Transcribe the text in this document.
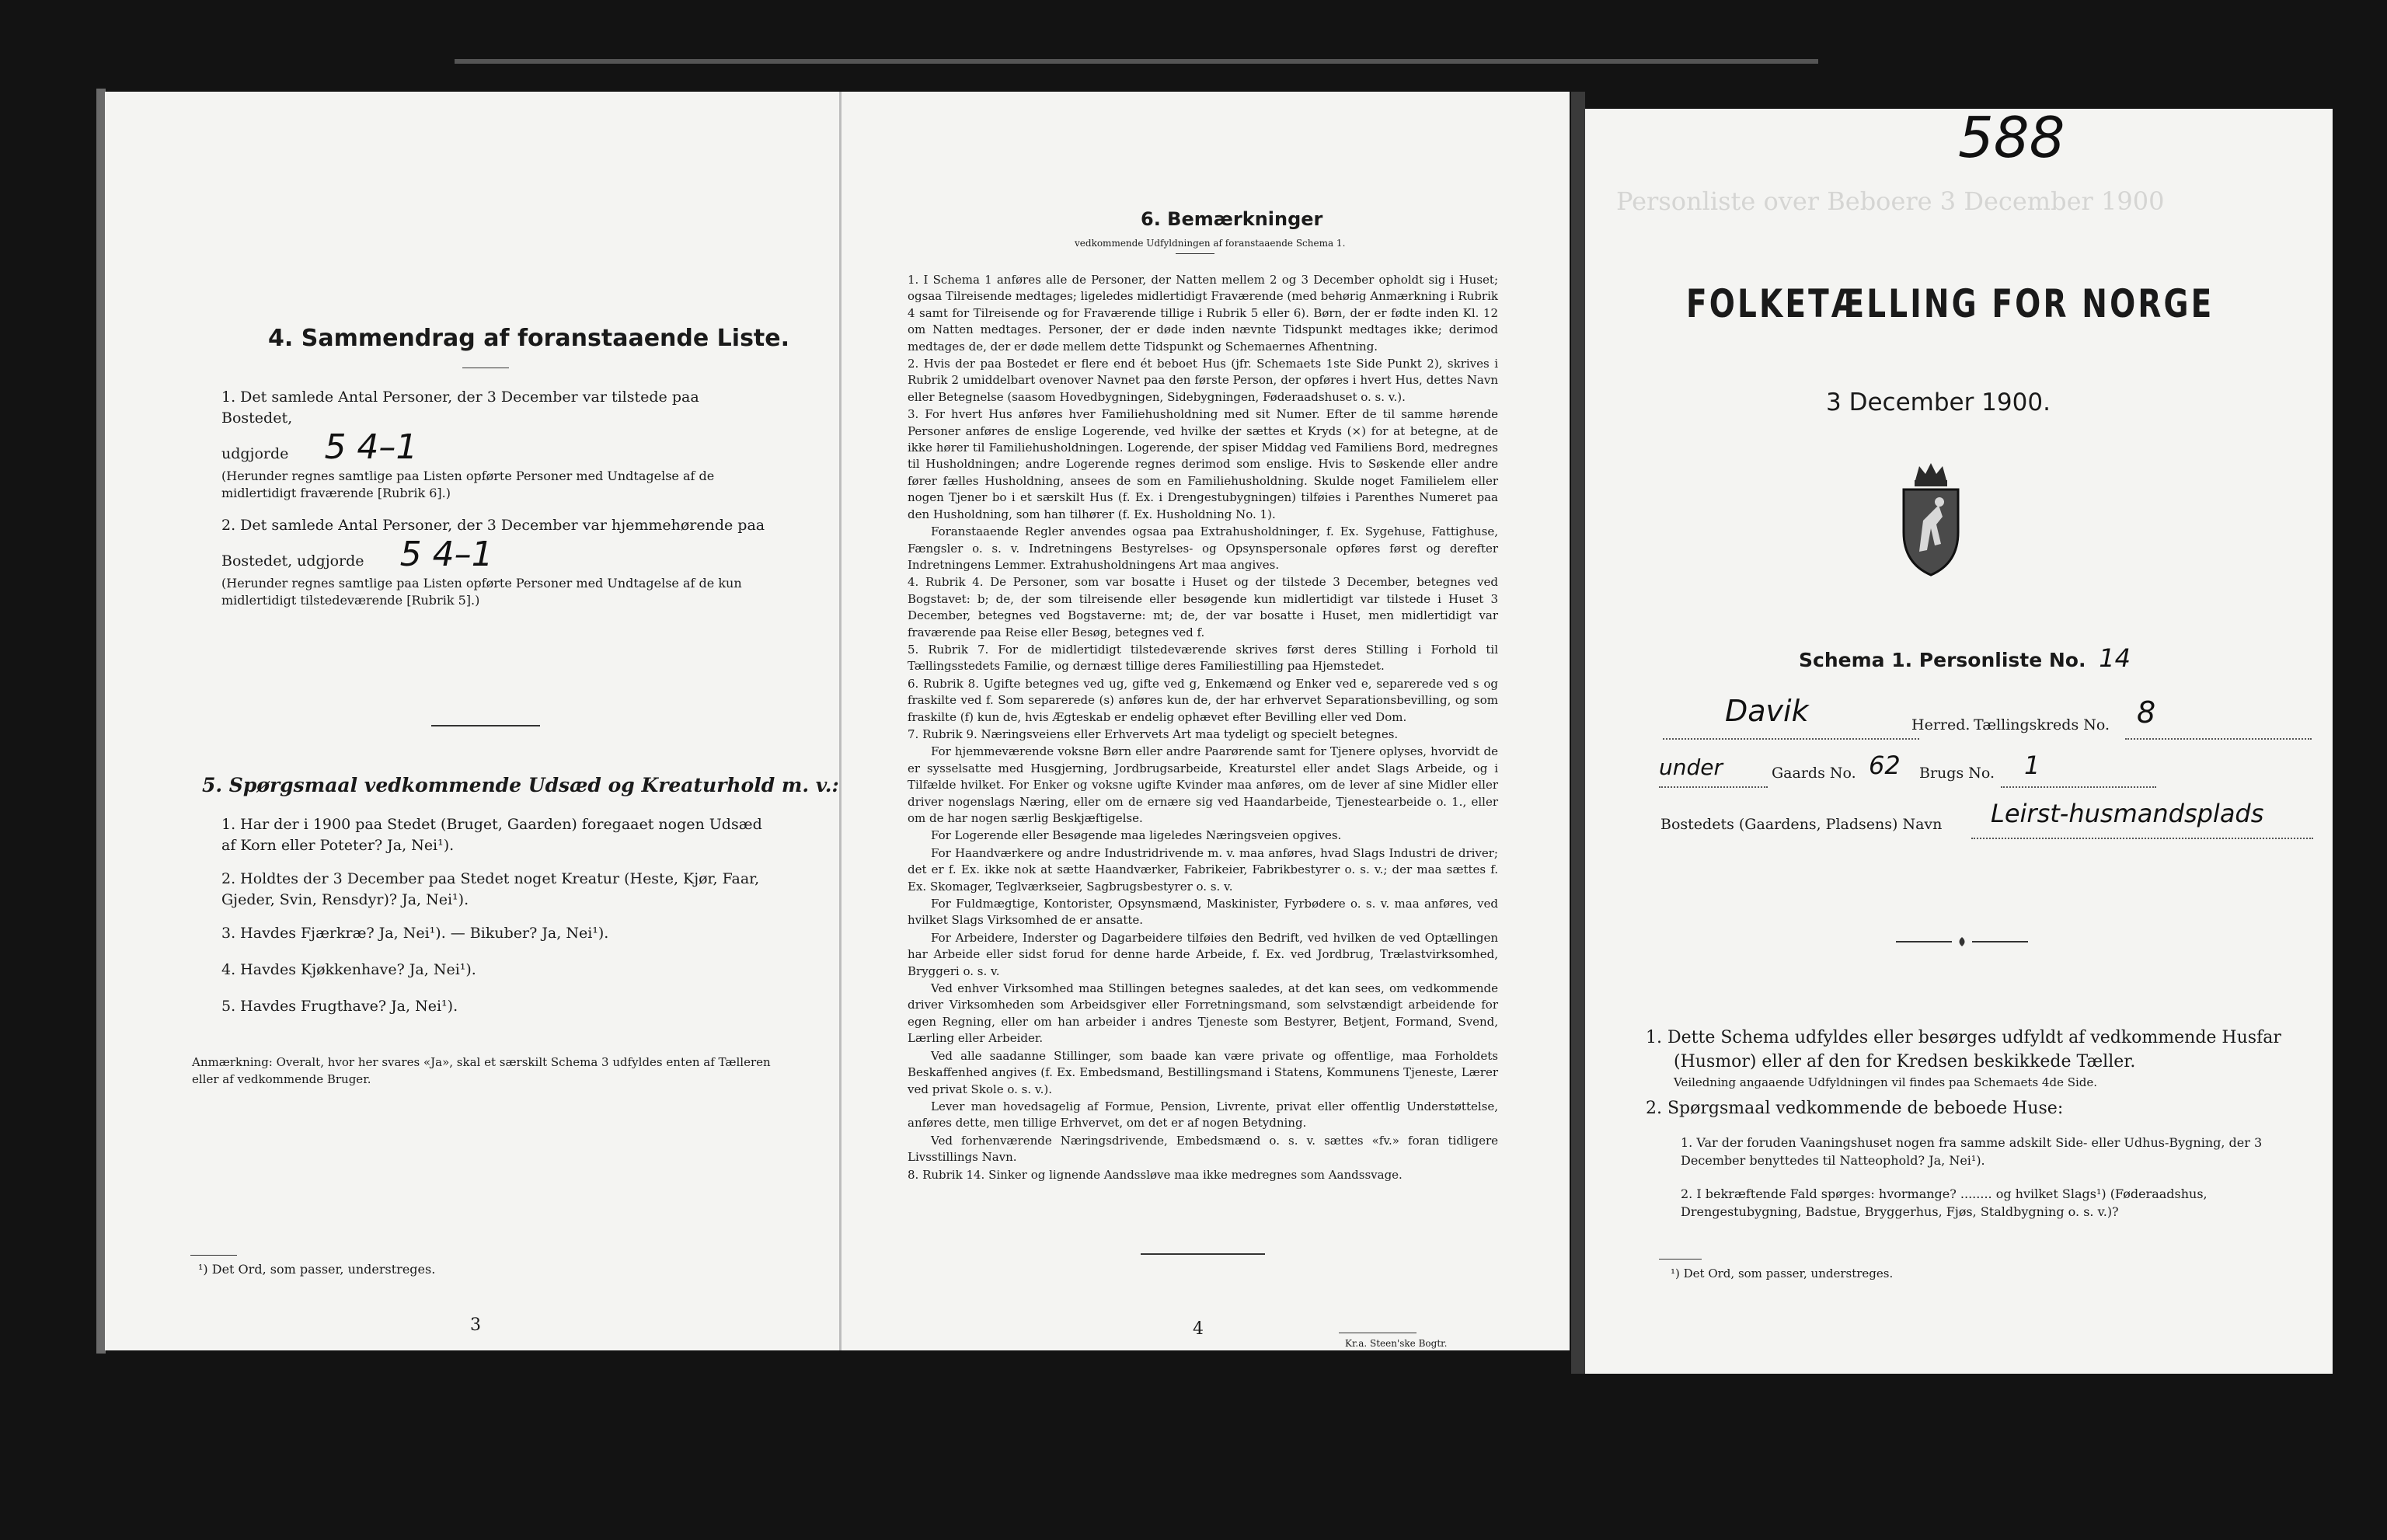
4. Sammendrag af foranstaaende Liste.
1. Det samlede Antal Personer, der 3 December var tilstede paa Bostedet,
udgjorde 5 4–1
(Herunder regnes samtlige paa Listen opførte Personer med Undtagelse af de midlertidigt fraværende [Rubrik 6].)
2. Det samlede Antal Personer, der 3 December var hjemmehørende paa
Bostedet, udgjorde 5 4–1
(Herunder regnes samtlige paa Listen opførte Personer med Undtagelse af de kun midlertidigt tilstedeværende [Rubrik 5].)
5. Spørgsmaal vedkommende Udsæd og Kreaturhold m. v.:
1. Har der i 1900 paa Stedet (Bruget, Gaarden) foregaaet nogen Udsæd af Korn eller Poteter? Ja, Nei¹).
2. Holdtes der 3 December paa Stedet noget Kreatur (Heste, Kjør, Faar, Gjeder, Svin, Rensdyr)? Ja, Nei¹).
3. Havdes Fjærkræ? Ja, Nei¹). — Bikuber? Ja, Nei¹).
4. Havdes Kjøkkenhave? Ja, Nei¹).
5. Havdes Frugthave? Ja, Nei¹).
Anmærkning: Overalt, hvor her svares «Ja», skal et særskilt Schema 3 udfyldes enten af Tælleren eller af vedkommende Bruger.
¹) Det Ord, som passer, understreges.
3
6. Bemærkninger
vedkommende Udfyldningen af foranstaaende Schema 1.
1. I Schema 1 anføres alle de Personer, der Natten mellem 2 og 3 December opholdt sig i Huset; ogsaa Tilreisende medtages; ligeledes midlertidigt Fraværende (med behørig Anmærkning i Rubrik 4 samt for Tilreisende og for Fraværende tillige i Rubrik 5 eller 6). Børn, der er fødte inden Kl. 12 om Natten medtages. Personer, der er døde inden nævnte Tidspunkt medtages ikke; derimod medtages de, der er døde mellem dette Tidspunkt og Schemaernes Afhentning.
2. Hvis der paa Bostedet er flere end ét beboet Hus (jfr. Schemaets 1ste Side Punkt 2), skrives i Rubrik 2 umiddelbart ovenover Navnet paa den første Person, der opføres i hvert Hus, dettes Navn eller Betegnelse (saasom Hovedbygningen, Sidebygningen, Føderaadshuset o. s. v.).
3. For hvert Hus anføres hver Familiehusholdning med sit Numer. Efter de til samme hørende Personer anføres de enslige Logerende, ved hvilke der sættes et Kryds (×) for at betegne, at de ikke hører til Familiehusholdningen. Logerende, der spiser Middag ved Familiens Bord, medregnes til Husholdningen; andre Logerende regnes derimod som enslige. Hvis to Søskende eller andre fører fælles Husholdning, ansees de som en Familiehusholdning. Skulde noget Familielem eller nogen Tjener bo i et særskilt Hus (f. Ex. i Drengestubygningen) tilføies i Parenthes Numeret paa den Husholdning, som han tilhører (f. Ex. Husholdning No. 1).
Foranstaaende Regler anvendes ogsaa paa Extrahusholdninger, f. Ex. Sygehuse, Fattighuse, Fængsler o. s. v. Indretningens Bestyrelses- og Opsynspersonale opføres først og derefter Indretningens Lemmer. Extrahusholdningens Art maa angives.
4. Rubrik 4. De Personer, som var bosatte i Huset og der tilstede 3 December, betegnes ved Bogstavet: b; de, der som tilreisende eller besøgende kun midlertidigt var tilstede i Huset 3 December, betegnes ved Bogstaverne: mt; de, der var bosatte i Huset, men midlertidigt var fraværende paa Reise eller Besøg, betegnes ved f.
5. Rubrik 7. For de midlertidigt tilstedeværende skrives først deres Stilling i Forhold til Tællingsstedets Familie, og dernæst tillige deres Familiestilling paa Hjemstedet.
6. Rubrik 8. Ugifte betegnes ved ug, gifte ved g, Enkemænd og Enker ved e, separerede ved s og fraskilte ved f. Som separerede (s) anføres kun de, der har erhvervet Separationsbevilling, og som fraskilte (f) kun de, hvis Ægteskab er endelig ophævet efter Bevilling eller ved Dom.
7. Rubrik 9. Næringsveiens eller Erhvervets Art maa tydeligt og specielt betegnes.
For hjemmeværende voksne Børn eller andre Paarørende samt for Tjenere oplyses, hvorvidt de er sysselsatte med Husgjerning, Jordbrugsarbeide, Kreaturstel eller andet Slags Arbeide, og i Tilfælde hvilket. For Enker og voksne ugifte Kvinder maa anføres, om de lever af sine Midler eller driver nogenslags Næring, eller om de ernære sig ved Haandarbeide, Tjenestearbeide o. 1., eller om de har nogen særlig Beskjæftigelse.
For Logerende eller Besøgende maa ligeledes Næringsveien opgives.
For Haandværkere og andre Industridrivende m. v. maa anføres, hvad Slags Industri de driver; det er f. Ex. ikke nok at sætte Haandværker, Fabrikeier, Fabrikbestyrer o. s. v.; der maa sættes f. Ex. Skomager, Teglværkseier, Sagbrugsbestyrer o. s. v.
For Fuldmægtige, Kontorister, Opsynsmænd, Maskinister, Fyrbødere o. s. v. maa anføres, ved hvilket Slags Virksomhed de er ansatte.
For Arbeidere, Inderster og Dagarbeidere tilføies den Bedrift, ved hvilken de ved Optællingen har Arbeide eller sidst forud for denne harde Arbeide, f. Ex. ved Jordbrug, Trælastvirksomhed, Bryggeri o. s. v.
Ved enhver Virksomhed maa Stillingen betegnes saaledes, at det kan sees, om vedkommende driver Virksomheden som Arbeidsgiver eller Forretningsmand, som selvstændigt arbeidende for egen Regning, eller om han arbeider i andres Tjeneste som Bestyrer, Betjent, Formand, Svend, Lærling eller Arbeider.
Ved alle saadanne Stillinger, som baade kan være private og offentlige, maa Forholdets Beskaffenhed angives (f. Ex. Embedsmand, Bestillingsmand i Statens, Kommunens Tjeneste, Lærer ved privat Skole o. s. v.).
Lever man hovedsagelig af Formue, Pension, Livrente, privat eller offentlig Understøttelse, anføres dette, men tillige Erhvervet, om det er af nogen Betydning.
Ved forhenværende Næringsdrivende, Embedsmænd o. s. v. sættes «fv.» foran tidligere Livsstillings Navn.
8. Rubrik 14. Sinker og lignende Aandssløve maa ikke medregnes som Aandssvage.
4
Kr.a. Steen'ske Bogtr.
Personliste over Beboere 3 December 1900
588
FOLKETÆLLING FOR NORGE
3 December 1900.
Schema 1. Personliste No. 14
Davik	Herred. Tællingskreds No. 8
under	Gaards No. 62 Brugs No. 1
Bostedets (Gaardens, Pladsens) Navn Leirst-husmandsplads
1. Dette Schema udfyldes eller besørges udfyldt af vedkommende Husfar (Husmor) eller af den for Kredsen beskikkede Tæller.
Veiledning angaaende Udfyldningen vil findes paa Schemaets 4de Side.
2. Spørgsmaal vedkommende de beboede Huse:
1. Var der foruden Vaaningshuset nogen fra samme adskilt Side- eller Udhus-Bygning, der 3 December benyttedes til Natteophold? Ja, Nei¹).
2. I bekræftende Fald spørges: hvormange? ........ og hvilket Slags¹) (Føderaadshus, Drengestubygning, Badstue, Bryggerhus, Fjøs, Staldbygning o. s. v.)?
¹) Det Ord, som passer, understreges.
